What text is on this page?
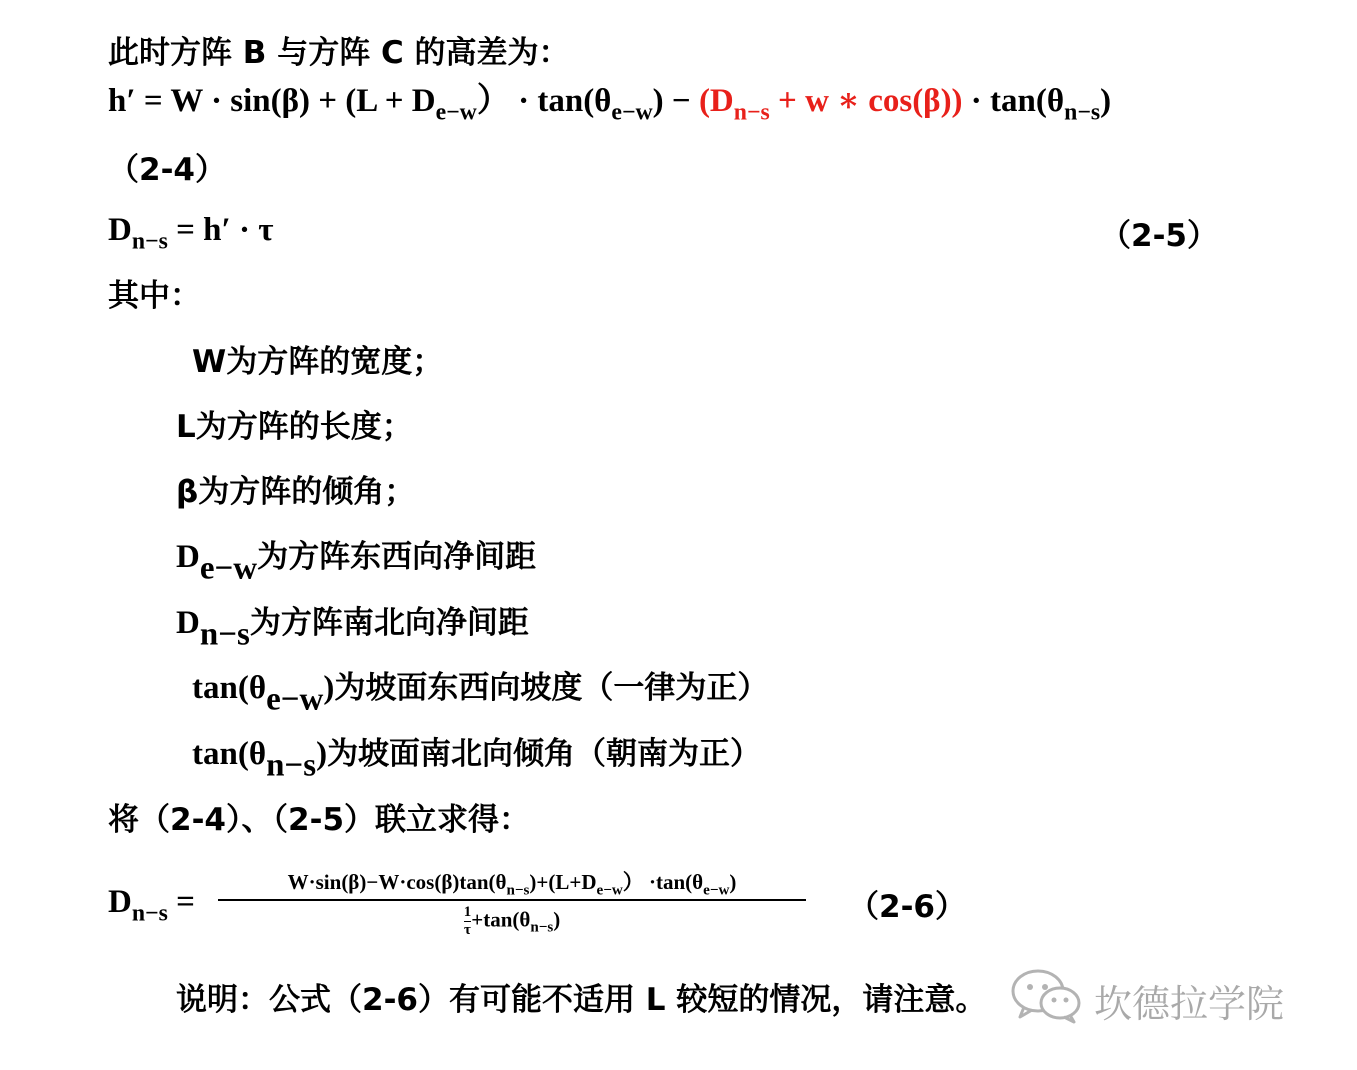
此时方阵 B 与方阵 C 的高差为：
$h' = W \cdot \sin(\beta) + (L + D_{e-w}) \cdot \tan(\theta_{e-w}) - (D_{n-s} + w$ ∗ $\cos(\beta)) \cdot \tan(\theta_{n-s})$
（2-4）
$D_{n-s} = h' \cdot \tau$	（2-5）
其中：
W为方阵的宽度；
L为方阵的长度；
β为方阵的倾角；
$D_{e-w}$为方阵东西向净间距
$D_{n-s}$为方阵南北向净间距
$\tan(\theta_{e-w})$为坡面东西向坡度（一律为正）
$\tan(\theta_{n-s})$为坡面南北向倾角（朝南为正）
将（2-4）、（2-5）联立求得：
$D_{n-s}$ =
$W\cdot\sin(\beta)-W\cdot\cos(\beta)\tan(\theta_{n-s})+(L+D_{e-w}) \cdot\tan(\theta_{e-w})$
$\frac{1}{\tau} +\tan(\theta_{n-s})$	（2-6）
说明：公式（2-6）有可能不适用 L 较短的情况，请注意。	坎德拉学院
